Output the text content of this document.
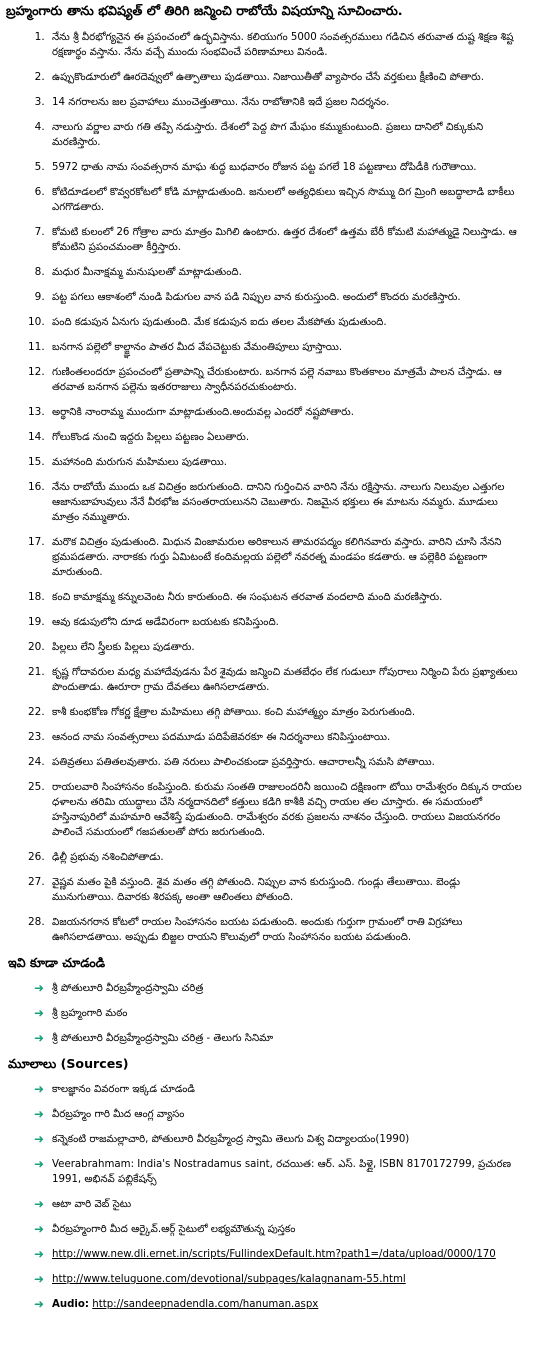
బ్రహ్మంగారు తాను భవిష్యత్ లో తిరిగి జన్మించి రాబోయే విషయాన్ని సూచించారు.
1. నేను శ్రీ వీరభోగ్యనైన ఈ ప్రపంచంలో ఉద్భవిస్తాను. కలియుగం 5000 సంవత్సరములు గడిచిన తరువాత దుష్ట శిక్షణ శిష్ట రక్షణార్థం వస్తాను. నేను వచ్చే ముందు సంభవించే పరిణామాలు వినండి.
2. ఉప్పుకొండూరులో ఊరదెవ్వులో ఉత్పాతాలు పుడతాయి. నిజాయితీతో వ్యాపారం చేసే వర్తకులు క్షీణించి పోతారు.
3. 14 నగరాలను జల ప్రవాహాలు ముంచెత్తుతాయి. నేను రాబోతానికి ఇదే ప్రజల నిదర్శనం.
4. నాలుగు వర్ణాల వారు గతి తప్పి నడుస్తారు. దేశంలో పెద్ద పొగ మేఘం కమ్ముకుంటుంది. ప్రజలు దానిలో చిక్కుకుని మరణిస్తారు.
5. 5972 ధాతు నామ సంవత్సరాన మాఘ శుద్ధ బుధవారం రోజున పట్ట పగలే 18 పట్టణాలు దోపిడీకి గురౌతాయి.
6. కోటిదూడలలో కొవ్వరకోటలో కోడి మాట్లాడుతుంది. జనులలో అత్యధికులు ఇచ్చిన సొమ్ము దిగ మ్రింగి అబద్ధాలాడి బాకీలు ఎగగొడతారు.
7. కోమటి కులంలో 26 గోత్రాల వారు మాత్రం మిగిలి ఉంటారు. ఉత్తర దేశంలో ఉత్తమ బేరీ కోమటి మహాత్ముడై నిలుస్తాడు. ఆ కోమటిని ప్రపంచమంతా కీర్తిస్తారు.
8. మధుర మీనాక్షమ్మ మనుషులతో మాట్లాడుతుంది.
9. పట్ట పగలు ఆకాశంలో నుండి పిడుగుల వాన పడి నిప్పుల వాన కురుస్తుంది. అందులో కొందరు మరణిస్తారు.
10. పంది కడుపున ఏనుగు పుడుతుంది. మేక కడుపున ఐదు తలల మేకపోతు పుడుతుంది.
11. బనగాన పల్లెలో కాల్జ్ఞానం పాతర మీద వేపచెట్టుకు వేమంతిపూలు పూస్తాయి.
12. గుణింతలందరూ ప్రపంచంలో ప్రతాపాన్ని చేరుకుంటారు. బనగాన పల్లె నవాబు కొంతకాలం మాత్రమే పాలన చేస్తాడు. ఆ తరవాత బనగాన పల్లెను ఇతరరాజులు స్వాధీనపరచుకుంటారు.
13. అర్థానికి నాంరామ్మ ముందుగా మాట్లాడుతుంది.అందువల్ల ఎందరో నష్టపోతారు.
14. గోలుకొండ నుంచి ఇద్దరు పిల్లలు పట్టణం ఏలుతారు.
15. మహానంది మరుగున మహిమలు పుడతాయి.
16. నేను రాబోయే ముందు ఒక విచిత్రం జరుగుతుంది. దానిని గుర్తించిన వారిని నేను రక్షిస్తాను. నాలుగు నిలువుల ఎత్తుగల ఆజానుబాహువులు నేనే వీరభోజ వసంతరాయలునని చెబుతారు. నిజమైన భక్తులు ఈ మాటను నమ్మరు. మూడులు మాత్రం నమ్ముతారు.
17. మరొక విచిత్రం పుడుతుంది. మిధున వింజామరుల అరికాలున తామరపద్మం కలిగినవారు వస్తారు. వారిని చూసి నేనని భ్రమపడతారు. నారాకకు గుర్తు ఏమిటంటే కందిమల్లయ పల్లెలో నవరత్న మండపం కడతారు. ఆ పల్లెకిరి పట్టణంగా మారుతుంది.
18. కంచి కామాక్షమ్మ కన్నులవెంట నీరు కారుతుంది. ఈ సంఘటన తరవాత వందలాది మంది మరణిస్తారు.
19. ఆవు కడుపులోని దూడ అడేవిరంగా బయటకు కనిపిస్తుంది.
20. పిల్లలు లేని స్త్రీలకు పిల్లలు పుడతారు.
21. కృష్ణ గోదావరుల మధ్య మహాదేవుడను పేర శైవుడు జన్మించి మతబేధం లేక గుడులూ గోపురాలు నిర్మించి పేరు ప్రఖ్యాతులు పొందుతాడు. ఊరూరా గ్రామ దేవతలు ఊగిసలాడతారు.
22. కాశీ కుంభకోణ గోకర్ణ క్షేత్రాల మహిమలు తగ్గి పోతాయి. కంచి మహాత్మ్యం మాత్రం పెరుగుతుంది.
23. ఆనంద నామ సంవత్సరాలు పదమూడు పదిపేజెవరకూ ఈ నిదర్శనాలు కనిపిస్తుంటాయి.
24. పతివ్రతలు పతితలవుతారు. పతి నరులు పాలించకుండా ప్రవర్తిస్తారు. ఆచారాలన్నీ సమసి పోతాయి.
25. రాయలవారి సింహాసనం కంపిస్తుంది. కురుమ సంతతి రాజులందరినీ జయించి దక్షిణంగా టోయి రామేశ్వరం దిక్కున రాయల ధళాలను తరిమి యుద్ధాలు చేసి నర్మదానదిలో కత్తులు కడిగి కాశీకి వచ్చి రాయల తల చూస్తారు. ఈ సమయంలో హస్తినాపురిలో మహమారి ఆవేశిస్తే పుడుతుంది. రామేశ్వరం వరకు ప్రజలను నాశనం చేస్తుంది. రాయలు విజయనగరం పాలించే సమయంలో గజపతులతో పోరు జరుగుతుంది.
26. ఢిల్లీ ప్రభువు నశించిపోతాడు.
27. వైష్ణవ మతం పైకి వస్తుంది. శైవ మతం తగ్గి పోతుంది. నిప్పుల వాన కురుస్తుంది. గుండ్లు తేలుతాయి. బెండ్లు మునుగుతాయి. దివారకు శిరపక్క అంతా ఆలింతలు పోతుంది.
28. విజయనగరాన కోటలో రాయల సింహాసనం బయట పడుతుంది. అందుకు గుర్తుగా గ్రామంలో రాతి విగ్రహాలు ఊగిసలాడతాయి. అప్పుడు బిజ్జల రాయని కొలువులో రాయ సింహాసనం బయట పడుతుంది.
ఇవి కూడా చూడండి
➜ శ్రీ పోతులూరి వీరబ్రహ్మేంద్రస్వామి చరిత్ర
➜ శ్రీ బ్రహ్మంగారి మఠం
➜ శ్రీ పోతులూరి వీరబ్రహ్మేంద్రస్వామి చరిత్ర - తెలుగు సినిమా
మూలాలు (Sources)
➜ కాలజ్ఞానం వివరంగా ఇక్కడ చూడండి
➜ వీరబ్రహ్మం గారి మీద ఆంగ్ల వ్యాసం
➜ కన్నెకంటి రాజమల్లాచారి, పోతులూరి వీరబ్రహ్మేంద్ర స్వామి తెలుగు విశ్వ విద్యాలయం(1990)
➜ Veerabrahmam: India's Nostradamus saint, రచయిత: ఆర్. ఎస్. పిళ్లై, ISBN 8170172799, ప్రచురణ 1991, అభినవ్ పబ్లికేషన్స్
➜ ఆటా వారి వెబ్ సైటు
➜ వీరబ్రహ్మంగారి మీద ఆర్కైవ్.ఆర్గ్ సైటులో లభ్యమౌతున్న పుస్తకం
➜ http://www.new.dli.ernet.in/scripts/FullindexDefault.htm?path1=/data/upload/0000/170
➜ http://www.teluguone.com/devotional/subpages/kalagnanam-55.html
➜ Audio: http://sandeepnadendla.com/hanuman.aspx
